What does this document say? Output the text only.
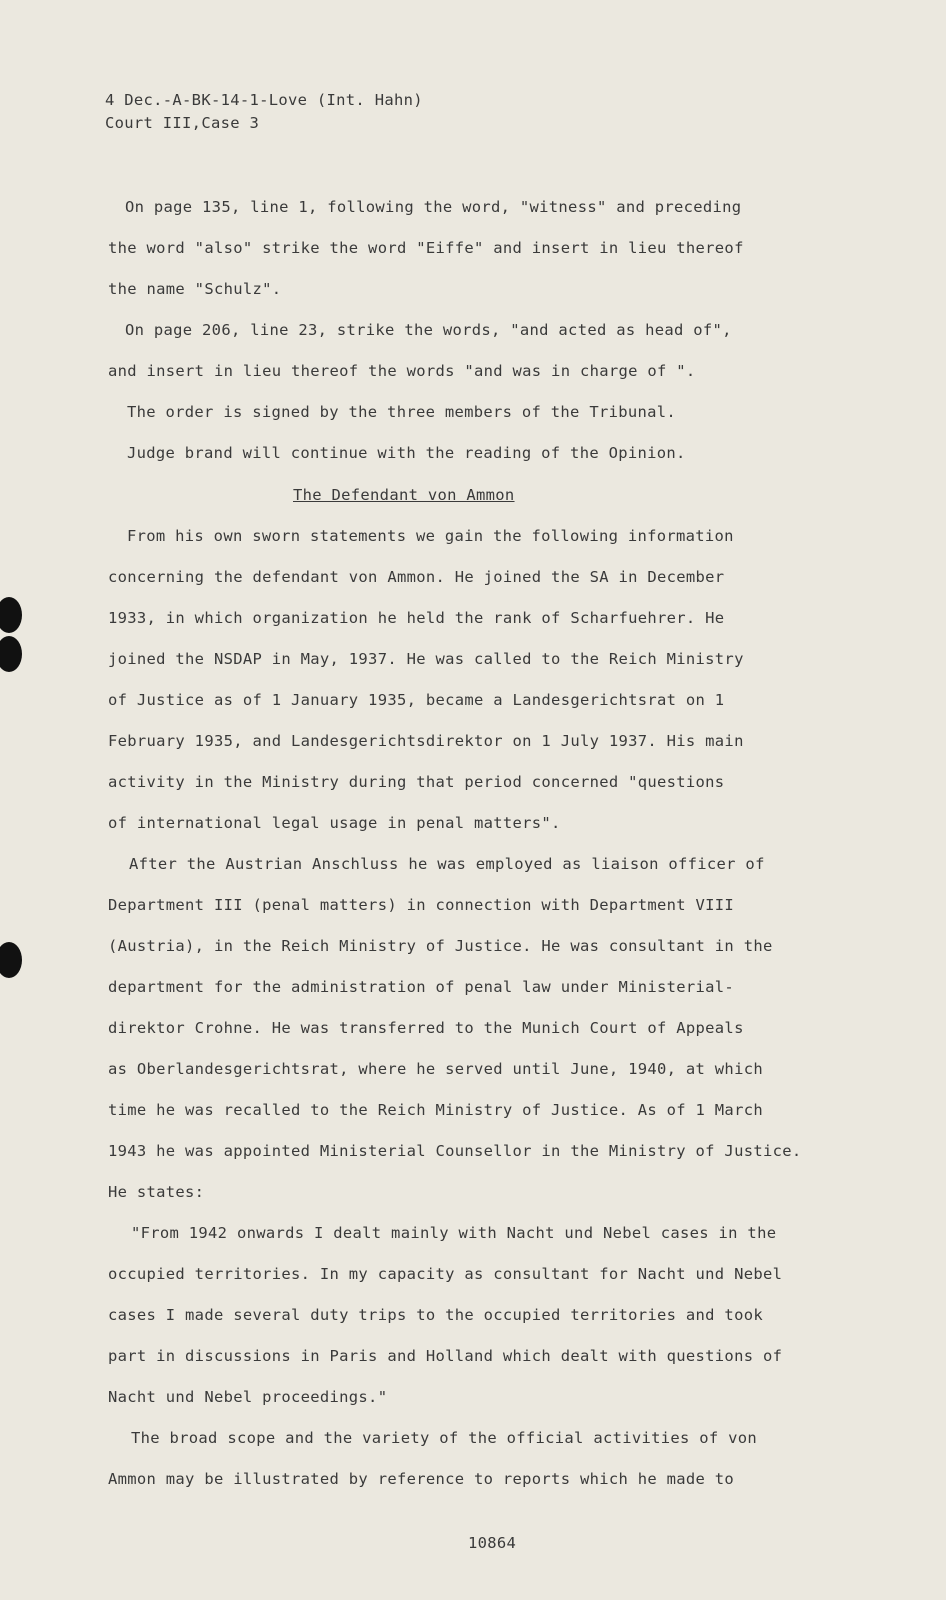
4 Dec.-A-BK-14-1-Love (Int. Hahn)
Court III,Case 3
On page 135, line 1, following the word, "witness" and preceding
the word "also" strike the word "Eiffe" and insert in lieu thereof
the name "Schulz".
On page 206, line 23, strike the words, "and acted as head of",
and insert in lieu thereof the words "and was in charge of ".
The order is signed by the three members of the Tribunal.
Judge brand will continue with the reading of the Opinion.
The Defendant von Ammon
From his own sworn statements we gain the following information
concerning the defendant von Ammon. He joined the SA in December
1933, in which organization he held the rank of Scharfuehrer. He
joined the NSDAP in May, 1937. He was called to the Reich Ministry
of Justice as of 1 January 1935, became a Landesgerichtsrat on 1
February 1935, and Landesgerichtsdirektor on 1 July 1937. His main
activity in the Ministry during that period concerned "questions
of international legal usage in penal matters".
After the Austrian Anschluss he was employed as liaison officer of
Department III (penal matters) in connection with Department VIII
(Austria), in the Reich Ministry of Justice. He was consultant in the
department for the administration of penal law under Ministerial-
direktor Crohne. He was transferred to the Munich Court of Appeals
as Oberlandesgerichtsrat, where he served until June, 1940, at which
time he was recalled to the Reich Ministry of Justice. As of 1 March
1943 he was appointed Ministerial Counsellor in the Ministry of Justice.
He states:
"From 1942 onwards I dealt mainly with Nacht und Nebel cases in the
occupied territories. In my capacity as consultant for Nacht und Nebel
cases I made several duty trips to the occupied territories and took
part in discussions in Paris and Holland which dealt with questions of
Nacht und Nebel proceedings."
The broad scope and the variety of the official activities of von
Ammon may be illustrated by reference to reports which he made to
10864
